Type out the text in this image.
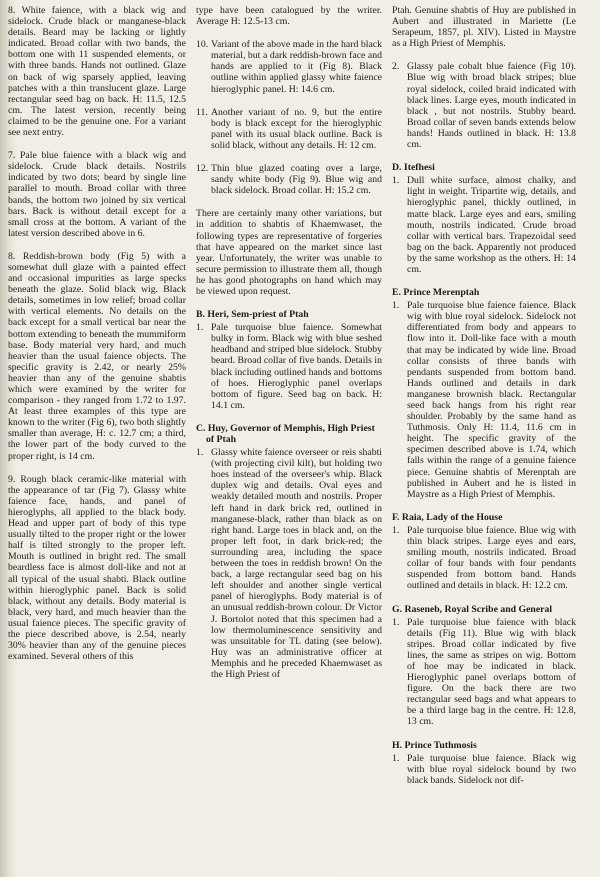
8. White faience, with a black wig and sidelock. Crude black or manganese-black details. Beard may be lacking or lightly indicated. Broad collar with two bands, the bottom one with 11 suspended elements, or with three bands. Hands not outlined. Glaze on back of wig sparsely applied, leaving patches with a thin translucent glaze. Large rectangular seed bag on back. H: 11.5, 12.5 cm. The latest version, recently being claimed to be the genuine one. For a variant see next entry.
7. Pale blue faience with a black wig and sidelock. Crude black details. Nostrils indicated by two dots; beard by single line parallel to mouth. Broad collar with three bands, the bottom two joined by six vertical bars. Back is without detail except for a small cross at the bottom. A variant of the latest version described above in 6.
8. Reddish-brown body (Fig 5) with a somewhat dull glaze with a painted effect and occasional impurities as large specks beneath the glaze. Solid black wig. Black details, sometimes in low relief; broad collar with vertical elements. No details on the back except for a small vertical bar near the bottom extending to beneath the mummiform base. Body material very hard, and much heavier than the usual faience objects. The specific gravity is 2.42, or nearly 25% heavier than any of the genuine shabtis which were examined by the writer for comparison - they ranged from 1.72 to 1.97. At least three examples of this type are known to the writer (Fig 6), two both slightly smaller than average, H: c. 12.7 cm; a third, the lower part of the body curved to the proper right, is 14 cm.
9. Rough black ceramic-like material with the appearance of tar (Fig 7). Glassy white faience face, hands, and panel of hieroglyphs, all applied to the black body. Head and upper part of body of this type usually tilted to the proper right or the lower half is tilted strongly to the proper left. Mouth is outlined in bright red. The small beardless face is almost doll-like and not at all typical of the usual shabti. Black outline within hieroglyphic panel. Back is solid black, without any details. Body material is black, very hard, and much heavier than the usual faience pieces. The specific gravity of the piece described above, is 2.54, nearly 30% heavier than any of the genuine pieces examined. Several others of this
type have been catalogued by the writer. Average H: 12.5-13 cm.
10. Variant of the above made in the hard black material, but a dark reddish-brown face and hands are applied to it (Fig 8). Black outline within applied glassy white faience hieroglyphic panel. H: 14.6 cm.
11. Another variant of no. 9, but the entire body is black except for the hieroglyphic panel with its usual black outline. Back is solid black, without any details. H: 12 cm.
12. Thin blue glazed coating over a large, sandy white body (Fig 9). Blue wig and black sidelock. Broad collar. H: 15.2 cm.
There are certainly many other variations, but in addition to shabtis of Khaemwaset, the following types are representative of forgeries that have appeared on the market since last year. Unfortunately, the writer was unable to secure permission to illustrate them all, though he has good photographs on hand which may be viewed upon request.
B. Heri, Sem-priest of Ptah
1. Pale turquoise blue faience. Somewhat bulky in form. Black wig with blue seshed headband and striped blue sidelock. Stubby beard. Broad collar of five bands. Details in black including outlined hands and bottoms of hoes. Hieroglyphic panel overlaps bottom of figure. Seed bag on back. H: 14.1 cm.
C. Huy, Governor of Memphis, High Priest of Ptah
1. Glassy white faience overseer or reis shabti (with projecting civil kilt), but holding two hoes instead of the overseer's whip. Black duplex wig and details. Oval eyes and weakly detailed mouth and nostrils. Proper left hand in dark brick red, outlined in manganese-black, rather than black as on right hand. Large toes in black and, on the proper left foot, in dark brick-red; the surrounding area, including the space between the toes in reddish brown! On the back, a large rectangular seed bag on his left shoulder and another single vertical panel of hieroglyphs. Body material is of an unusual reddish-brown colour. Dr Victor J. Bortolot noted that this specimen had a low thermoluminescence sensitivity and was unsuitable for TL dating (see below). Huy was an administrative officer at Memphis and he preceded Khaemwaset as the High Priest of
Ptah. Genuine shabtis of Huy are published in Aubert and illustrated in Mariette (Le Serapeum, 1857, pl. XIV). Listed in Maystre as a High Priest of Memphis.
2. Glassy pale cobalt blue faience (Fig 10). Blue wig with broad black stripes; blue royal sidelock, coiled braid indicated with black lines. Large eyes, mouth indicated in black , but not nostrils. Stubby beard. Broad collar of seven bands extends below hands! Hands outlined in black. H: 13.8 cm.
D. Itefhesi
1. Dull white surface, almost chalky, and light in weight. Tripartite wig, details, and hieroglyphic panel, thickly outlined, in matte black. Large eyes and ears, smiling mouth, nostrils indicated. Crude broad collar with vertical bars. Trapezoidal seed bag on the back. Apparently not produced by the same workshop as the others. H: 14 cm.
E. Prince Merenptah
1. Pale turquoise blue faience faience. Black wig with blue royal sidelock. Sidelock not differentiated from body and appears to flow into it. Doll-like face with a mouth that may be indicated by wide line. Broad collar consists of three bands with pendants suspended from bottom band. Hands outlined and details in dark manganese brownish black. Rectangular seed back hangs from his right rear shoulder. Probably by the same hand as Tuthmosis. Only H: 11.4, 11.6 cm in height. The specific gravity of the specimen described above is 1.74, which falls within the range of a genuine faience piece. Genuine shabtis of Merenptah are published in Aubert and he is listed in Maystre as a High Priest of Memphis.
F. Raia, Lady of the House
1. Pale turquoise blue faience. Blue wig with thin black stripes. Large eyes and ears, smiling mouth, nostrils indicated. Broad collar of four bands with four pendants suspended from bottom band. Hands outlined and details in black. H: 12.2 cm.
G. Raseneb, Royal Scribe and General
1. Pale turquoise blue faience with black details (Fig 11). Blue wig with black stripes. Broad collar indicated by five lines, the same as stripes on wig. Bottom of hoe may be indicated in black. Hieroglyphic panel overlaps bottom of figure. On the back there are two rectangular seed bags and what appears to be a third large bag in the centre. H: 12.8, 13 cm.
H. Prince Tuthmosis
1. Pale turquoise blue faience. Black wig with blue royal sidelock bound by two black bands. Sidelock not dif-
